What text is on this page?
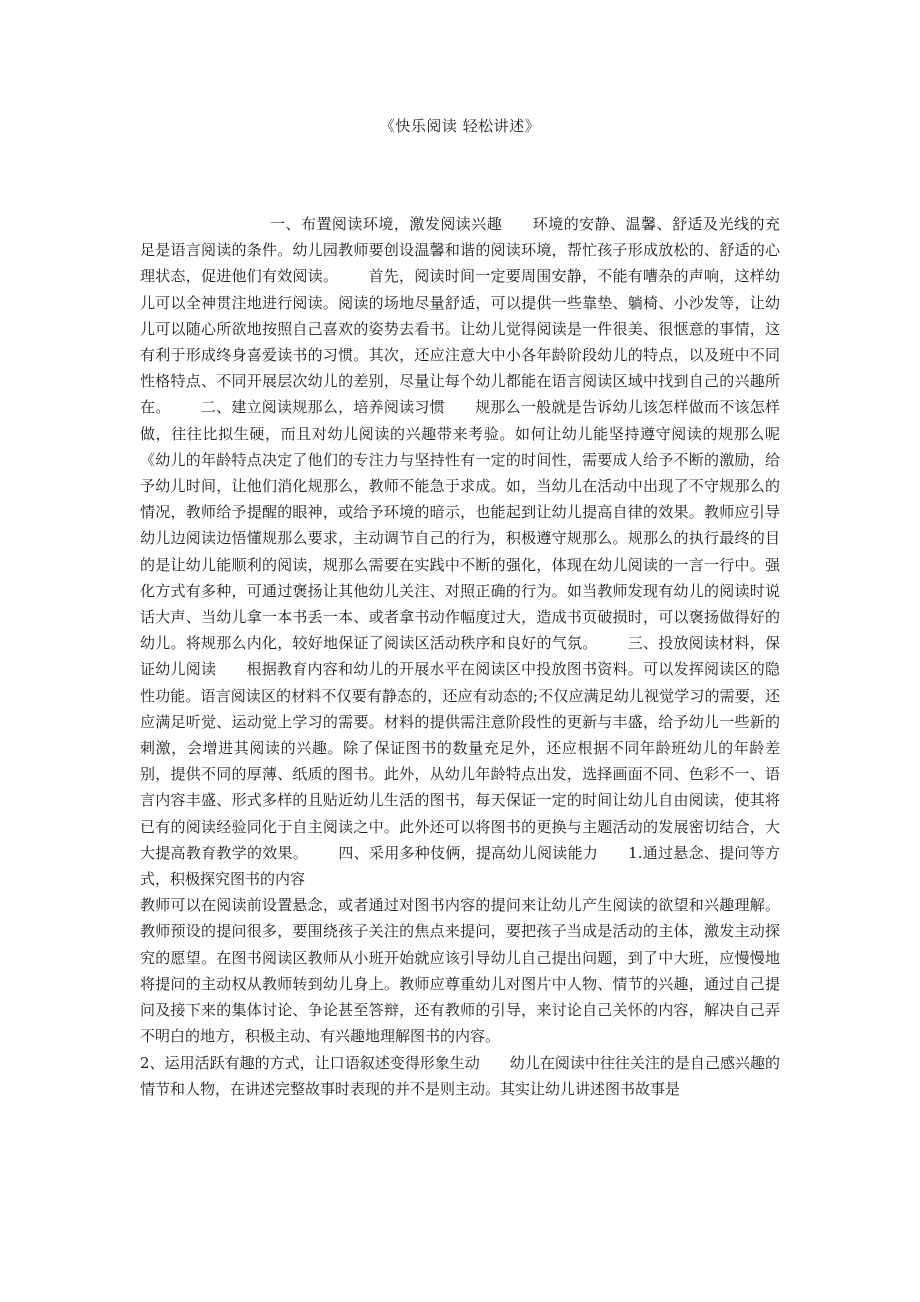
《快乐阅读 轻松讲述》

一、布置阅读环境，激发阅读兴趣 环境的安静、温馨、舒适及光线的充足是语言阅读的条件。幼儿园教师要创设温馨和谐的阅读环境，帮忙孩子形成放松的、舒适的心理状态，促进他们有效阅读。 首先，阅读时间一定要周围安静，不能有嘈杂的声响，这样幼儿可以全神贯注地进行阅读。阅读的场地尽量舒适，可以提供一些靠垫、躺椅、小沙发等，让幼儿可以随心所欲地按照自己喜欢的姿势去看书。让幼儿觉得阅读是一件很美、很惬意的事情，这有利于形成终身喜爱读书的习惯。其次，还应注意大中小各年龄阶段幼儿的特点，以及班中不同性格特点、不同开展层次幼儿的差别，尽量让每个幼儿都能在语言阅读区域中找到自己的兴趣所在。 二、建立阅读规那么，培养阅读习惯 规那么一般就是告诉幼儿该怎样做而不该怎样做，往往比拟生硬，而且对幼儿阅读的兴趣带来考验。如何让幼儿能坚持遵守阅读的规那么呢《幼儿的年龄特点决定了他们的专注力与坚持性有一定的时间性，需要成人给予不断的激励，给予幼儿时间，让他们消化规那么，教师不能急于求成。如，当幼儿在活动中出现了不守规那么的情况，教师给予提醒的眼神，或给予环境的暗示，也能起到让幼儿提高自律的效果。教师应引导幼儿边阅读边悟懂规那么要求，主动调节自己的行为，积极遵守规那么。规那么的执行最终的目的是让幼儿能顺利的阅读，规那么需要在实践中不断的强化，体现在幼儿阅读的一言一行中。强化方式有多种，可通过褒扬让其他幼儿关注、对照正确的行为。如当教师发现有幼儿的阅读时说话大声、当幼儿拿一本书丢一本、或者拿书动作幅度过大，造成书页破损时，可以褒扬做得好的幼儿。将规那么内化，较好地保证了阅读区活动秩序和良好的气氛。 三、投放阅读材料，保证幼儿阅读 根据教育内容和幼儿的开展水平在阅读区中投放图书资料。可以发挥阅读区的隐性功能。语言阅读区的材料不仅要有静态的，还应有动态的;不仅应满足幼儿视觉学习的需要，还应满足听觉、运动觉上学习的需要。材料的提供需注意阶段性的更新与丰盛，给予幼儿一些新的刺激，会增进其阅读的兴趣。除了保证图书的数量充足外，还应根据不同年龄班幼儿的年龄差别，提供不同的厚薄、纸质的图书。此外，从幼儿年龄特点出发，选择画面不同、色彩不一、语言内容丰盛、形式多样的且贴近幼儿生活的图书，每天保证一定的时间让幼儿自由阅读，使其将已有的阅读经验同化于自主阅读之中。此外还可以将图书的更换与主题活动的发展密切结合，大大提高教育教学的效果。 四、采用多种伎俩，提高幼儿阅读能力 1.通过悬念、提问等方式，积极探究图书的内容
教师可以在阅读前设置悬念，或者通过对图书内容的提问来让幼儿产生阅读的欲望和兴趣理解。教师预设的提问很多，要围绕孩子关注的焦点来提问，要把孩子当成是活动的主体，激发主动探究的愿望。在图书阅读区教师从小班开始就应该引导幼儿自己提出问题，到了中大班，应慢慢地将提问的主动权从教师转到幼儿身上。教师应尊重幼儿对图片中人物、情节的兴趣，通过自己提问及接下来的集体讨论、争论甚至答辩，还有教师的引导，来讨论自己关怀的内容，解决自己弄不明白的地方，积极主动、有兴趣地理解图书的内容。
2、运用活跃有趣的方式，让口语叙述变得形象生动 幼儿在阅读中往往关注的是自己感兴趣的情节和人物，在讲述完整故事时表现的并不是则主动。其实让幼儿讲述图书故事是
